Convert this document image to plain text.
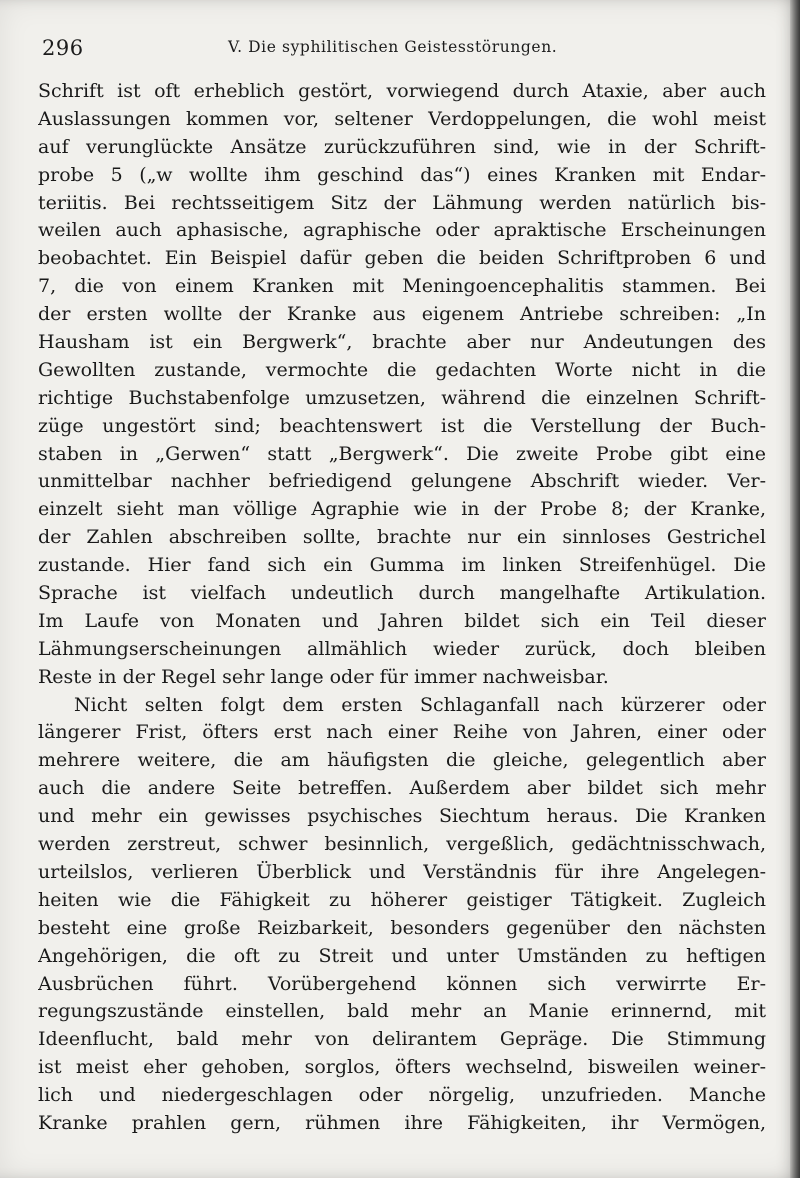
296	V. Die syphilitischen Geistesstörungen.
Schrift ist oft erheblich gestört, vorwiegend durch Ataxie, aber auch
Auslassungen kommen vor, seltener Verdoppelungen, die wohl meist
auf verunglückte Ansätze zurückzuführen sind, wie in der Schrift-
probe 5 („w wollte ihm geschind das“) eines Kranken mit Endar-
teriitis. Bei rechtsseitigem Sitz der Lähmung werden natürlich bis-
weilen auch aphasische, agraphische oder apraktische Erscheinungen
beobachtet. Ein Beispiel dafür geben die beiden Schriftproben 6 und
7, die von einem Kranken mit Meningoencephalitis stammen. Bei
der ersten wollte der Kranke aus eigenem Antriebe schreiben: „In
Hausham ist ein Bergwerk“, brachte aber nur Andeutungen des
Gewollten zustande, vermochte die gedachten Worte nicht in die
richtige Buchstabenfolge umzusetzen, während die einzelnen Schrift-
züge ungestört sind; beachtenswert ist die Verstellung der Buch-
staben in „Gerwen“ statt „Bergwerk“. Die zweite Probe gibt eine
unmittelbar nachher befriedigend gelungene Abschrift wieder. Ver-
einzelt sieht man völlige Agraphie wie in der Probe 8; der Kranke,
der Zahlen abschreiben sollte, brachte nur ein sinnloses Gestrichel
zustande. Hier fand sich ein Gumma im linken Streifenhügel. Die
Sprache ist vielfach undeutlich durch mangelhafte Artikulation.
Im Laufe von Monaten und Jahren bildet sich ein Teil dieser
Lähmungserscheinungen allmählich wieder zurück, doch bleiben
Reste in der Regel sehr lange oder für immer nachweisbar.
Nicht selten folgt dem ersten Schlaganfall nach kürzerer oder
längerer Frist, öfters erst nach einer Reihe von Jahren, einer oder
mehrere weitere, die am häufigsten die gleiche, gelegentlich aber
auch die andere Seite betreffen. Außerdem aber bildet sich mehr
und mehr ein gewisses psychisches Siechtum heraus. Die Kranken
werden zerstreut, schwer besinnlich, vergeßlich, gedächtnisschwach,
urteilslos, verlieren Überblick und Verständnis für ihre Angelegen-
heiten wie die Fähigkeit zu höherer geistiger Tätigkeit. Zugleich
besteht eine große Reizbarkeit, besonders gegenüber den nächsten
Angehörigen, die oft zu Streit und unter Umständen zu heftigen
Ausbrüchen führt. Vorübergehend können sich verwirrte Er-
regungszustände einstellen, bald mehr an Manie erinnernd, mit
Ideenflucht, bald mehr von delirantem Gepräge. Die Stimmung
ist meist eher gehoben, sorglos, öfters wechselnd, bisweilen weiner-
lich und niedergeschlagen oder nörgelig, unzufrieden. Manche
Kranke prahlen gern, rühmen ihre Fähigkeiten, ihr Vermögen,
